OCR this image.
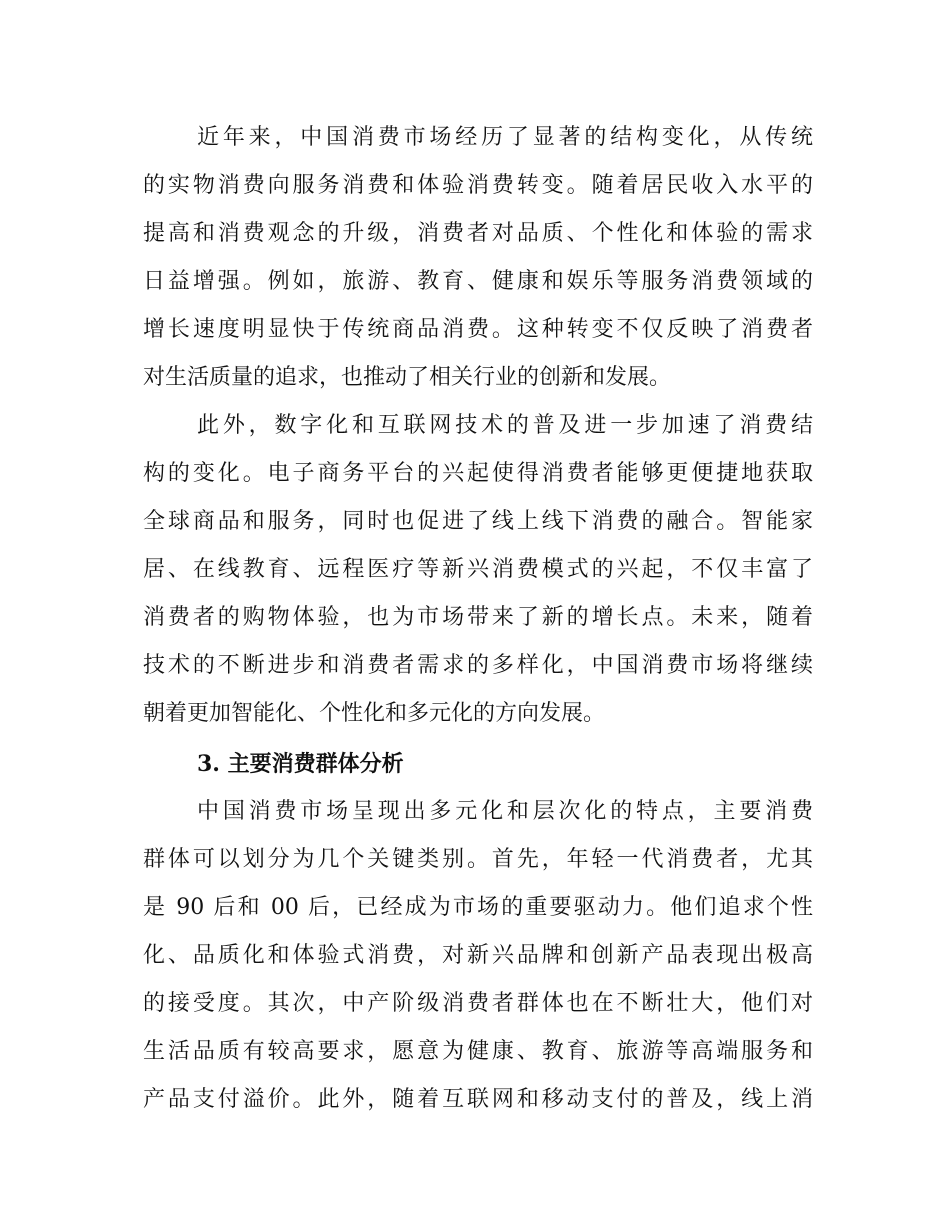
近年来，中国消费市场经历了显著的结构变化，从传统
的实物消费向服务消费和体验消费转变。随着居民收入水平的
提高和消费观念的升级，消费者对品质、个性化和体验的需求
日益增强。例如，旅游、教育、健康和娱乐等服务消费领域的
增长速度明显快于传统商品消费。这种转变不仅反映了消费者
对生活质量的追求，也推动了相关行业的创新和发展。
此外，数字化和互联网技术的普及进一步加速了消费结
构的变化。电子商务平台的兴起使得消费者能够更便捷地获取
全球商品和服务，同时也促进了线上线下消费的融合。智能家
居、在线教育、远程医疗等新兴消费模式的兴起，不仅丰富了
消费者的购物体验，也为市场带来了新的增长点。未来，随着
技术的不断进步和消费者需求的多样化，中国消费市场将继续
朝着更加智能化、个性化和多元化的方向发展。
3. 主要消费群体分析
中国消费市场呈现出多元化和层次化的特点，主要消费
群体可以划分为几个关键类别。首先，年轻一代消费者，尤其
是 90 后和 00 后，已经成为市场的重要驱动力。他们追求个性
化、品质化和体验式消费，对新兴品牌和创新产品表现出极高
的接受度。其次，中产阶级消费者群体也在不断壮大，他们对
生活品质有较高要求，愿意为健康、教育、旅游等高端服务和
产品支付溢价。此外，随着互联网和移动支付的普及，线上消
